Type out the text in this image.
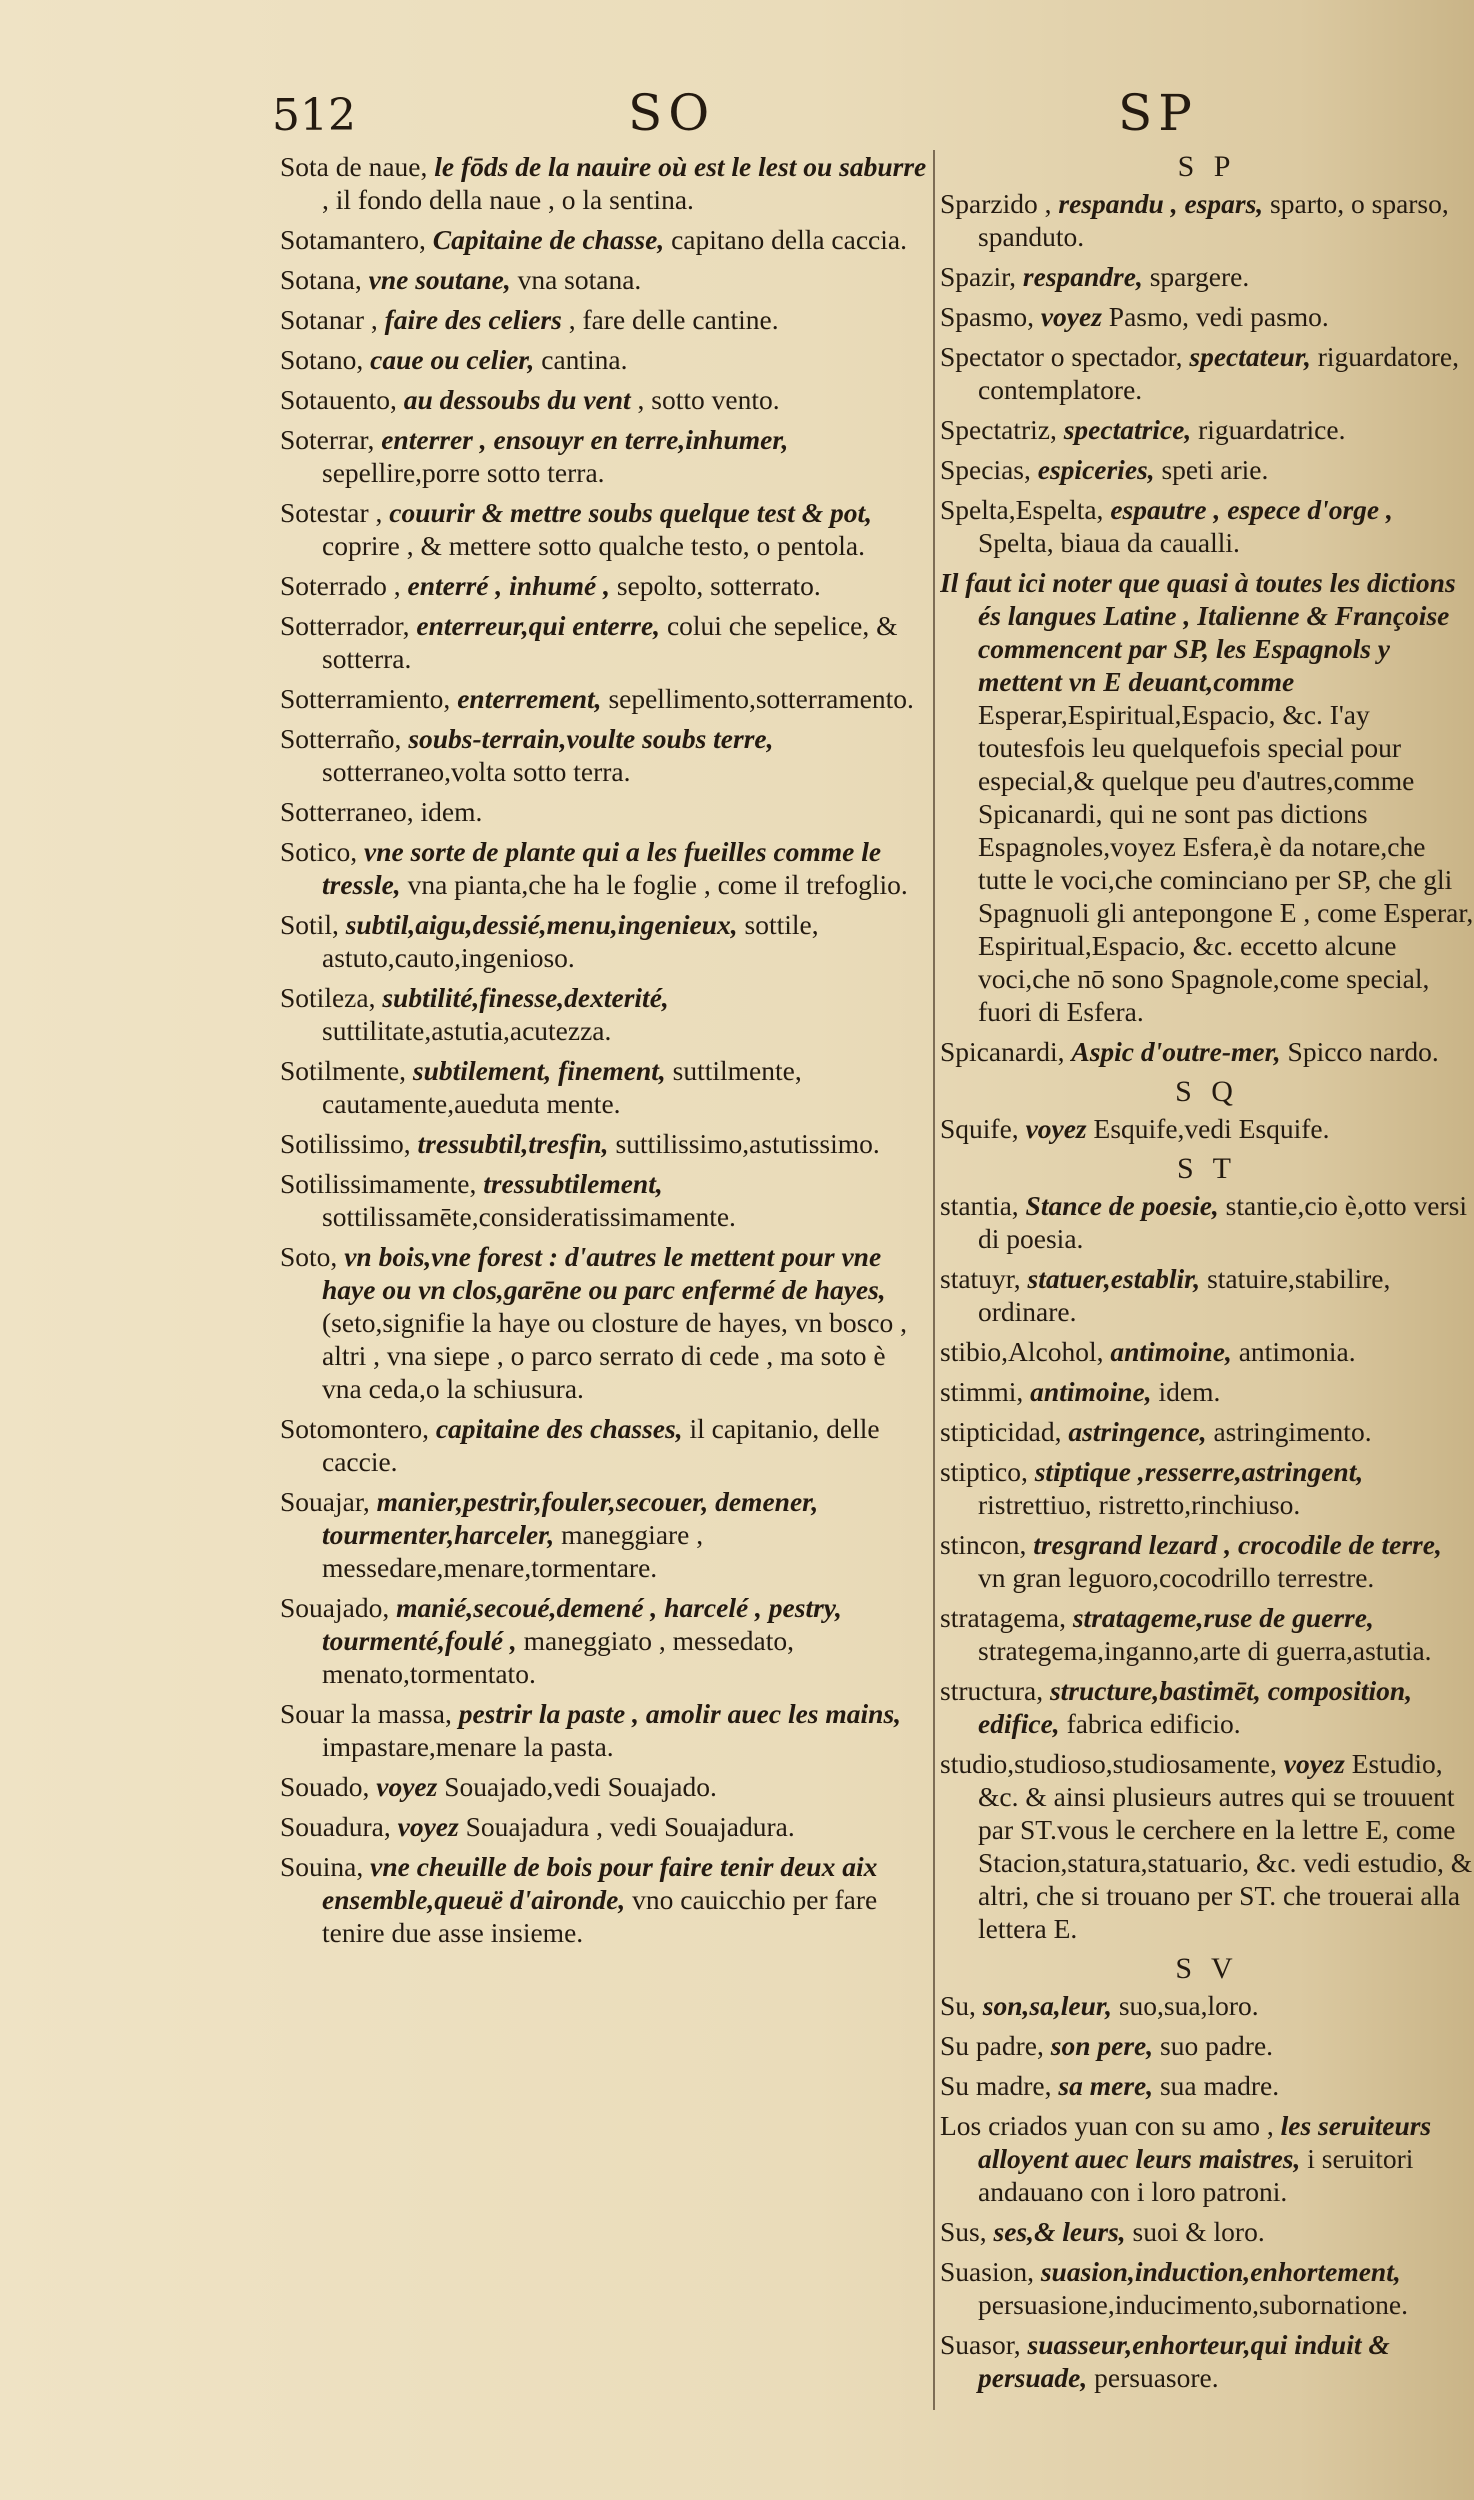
512	SO	SP
Sota de naue, le fōds de la nauire où est le lest ou saburre , il fondo della naue , o la sentina.
Sotamantero, Capitaine de chasse, capitano della caccia.
Sotana, vne soutane, vna sotana.
Sotanar , faire des celiers , fare delle cantine.
Sotano, caue ou celier, cantina.
Sotauento, au dessoubs du vent , sotto vento.
Soterrar, enterrer , ensouyr en terre,inhumer, sepellire,porre sotto terra.
Sotestar , couurir & mettre soubs quelque test & pot, coprire , & mettere sotto qualche testo, o pentola.
Soterrado , enterré , inhumé , sepolto, sotterrato.
Sotterrador, enterreur,qui enterre, colui che sepelice, & sotterra.
Sotterramiento, enterrement, sepellimento,sotterramento.
Sotterraño, soubs-terrain,voulte soubs terre, sotterraneo,volta sotto terra.
Sotterraneo, idem.
Sotico, vne sorte de plante qui a les fueilles comme le tressle, vna pianta,che ha le foglie , come il trefoglio.
Sotil, subtil,aigu,dessié,menu,ingenieux, sottile, astuto,cauto,ingenioso.
Sotileza, subtilité,finesse,dexterité, suttilitate,astutia,acutezza.
Sotilmente, subtilement, finement, suttilmente, cautamente,aueduta mente.
Sotilissimo, tressubtil,tresfin, suttilissimo,astutissimo.
Sotilissimamente, tressubtilement, sottilissamēte,consideratissimamente.
Soto, vn bois,vne forest : d'autres le mettent pour vne haye ou vn clos,garēne ou parc enfermé de hayes, (seto,signifie la haye ou closture de hayes, vn bosco , altri , vna siepe , o parco serrato di cede , ma soto è vna ceda,o la schiusura.
Sotomontero, capitaine des chasses, il capitanio, delle caccie.
Souajar, manier,pestrir,fouler,secouer, demener, tourmenter,harceler, maneggiare , messedare,menare,tormentare.
Souajado, manié,secoué,demené , harcelé , pestry, tourmenté,foulé , maneggiato , messedato, menato,tormentato.
Souar la massa, pestrir la paste , amolir auec les mains, impastare,menare la pasta.
Souado, voyez Souajado,vedi Souajado.
Souadura, voyez Souajadura , vedi Souajadura.
Souina, vne cheuille de bois pour faire tenir deux aix ensemble,queuë d'aironde, vno cauicchio per fare tenire due asse insieme.
S P
Sparzido , respandu , espars, sparto, o sparso, spanduto.
Spazir, respandre, spargere.
Spasmo, voyez Pasmo, vedi pasmo.
Spectator o spectador, spectateur, riguardatore, contemplatore.
Spectatriz, spectatrice, riguardatrice.
Specias, espiceries, speti arie.
Spelta,Espelta, espautre , espece d'orge , Spelta, biaua da caualli.
Il faut ici noter que quasi à toutes les dictions és langues Latine , Italienne & Françoise commencent par SP, les Espagnols y mettent vn E deuant,comme Esperar,Espiritual,Espacio, &c. I'ay toutesfois leu quelquefois special pour especial,& quelque peu d'autres,comme Spicanardi, qui ne sont pas dictions Espagnoles,voyez Esfera,è da notare,che tutte le voci,che cominciano per SP, che gli Spagnuoli gli antepongone E , come Esperar, Espiritual,Espacio, &c. eccetto alcune voci,che nō sono Spagnole,come special, fuori di Esfera.
Spicanardi, Aspic d'outre-mer, Spicco nardo.
S Q
Squife, voyez Esquife,vedi Esquife.
S T
stantia, Stance de poesie, stantie,cio è,otto versi di poesia.
statuyr, statuer,establir, statuire,stabilire, ordinare.
stibio,Alcohol, antimoine, antimonia.
stimmi, antimoine, idem.
stipticidad, astringence, astringimento.
stiptico, stiptique ,resserre,astringent, ristrettiuo, ristretto,rinchiuso.
stincon, tresgrand lezard , crocodile de terre, vn gran leguoro,cocodrillo terrestre.
stratagema, stratageme,ruse de guerre, strategema,inganno,arte di guerra,astutia.
structura, structure,bastimēt, composition, edifice, fabrica edificio.
studio,studioso,studiosamente, voyez Estudio, &c. & ainsi plusieurs autres qui se trouuent par ST.vous le cerchere en la lettre E, come Stacion,statura,statuario, &c. vedi estudio, & altri, che si trouano per ST. che trouerai alla lettera E.
S V
Su, son,sa,leur, suo,sua,loro.
Su padre, son pere, suo padre.
Su madre, sa mere, sua madre.
Los criados yuan con su amo , les seruiteurs alloyent auec leurs maistres, i seruitori andauano con i loro patroni.
Sus, ses,& leurs, suoi & loro.
Suasion, suasion,induction,enhortement, persuasione,inducimento,subornatione.
Suasor, suasseur,enhorteur,qui induit & persuade, persuasore.
